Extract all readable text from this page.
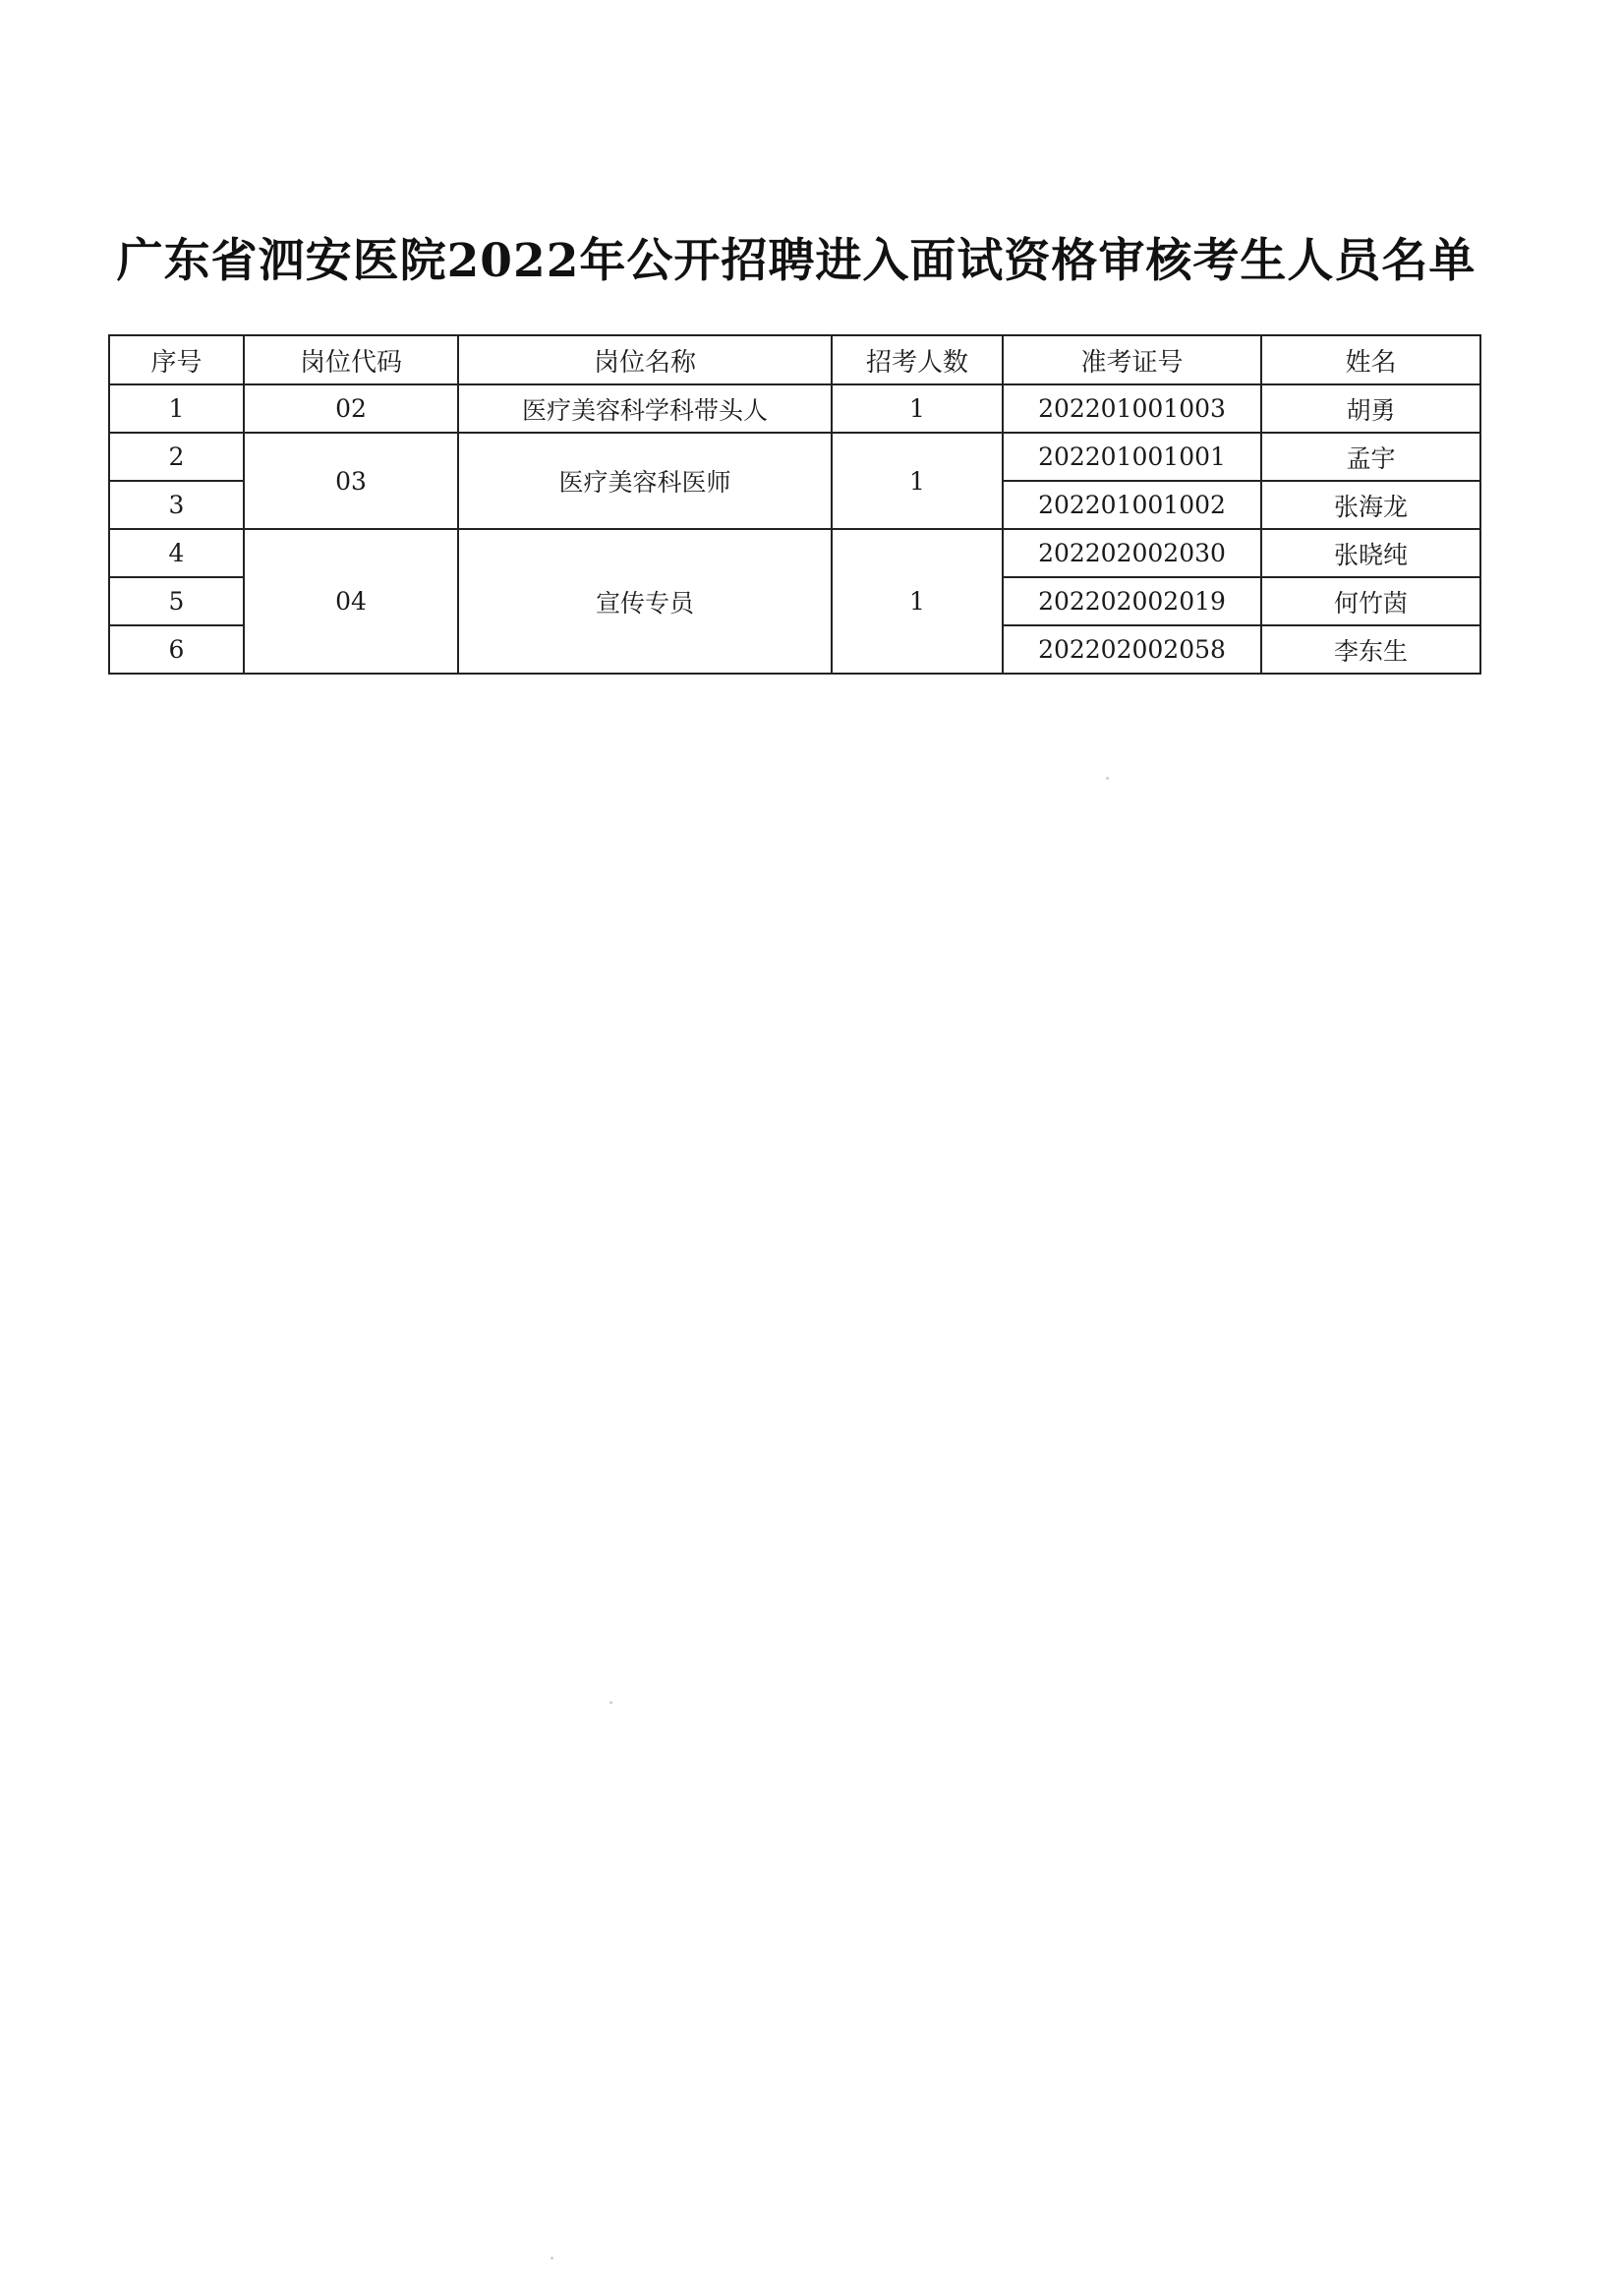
广东省泗安医院2022年公开招聘进入面试资格审核考生人员名单
序号	岗位代码	岗位名称	招考人数	准考证号	姓名
1	02	医疗美容科学科带头人	1	202201001003	胡勇
2	03	医疗美容科医师	1	202201001001	孟宇
3				202201001002	张海龙
4	04	宣传专员	1	202202002030	张晓纯
5				202202002019	何竹茵
6				202202002058	李东生
